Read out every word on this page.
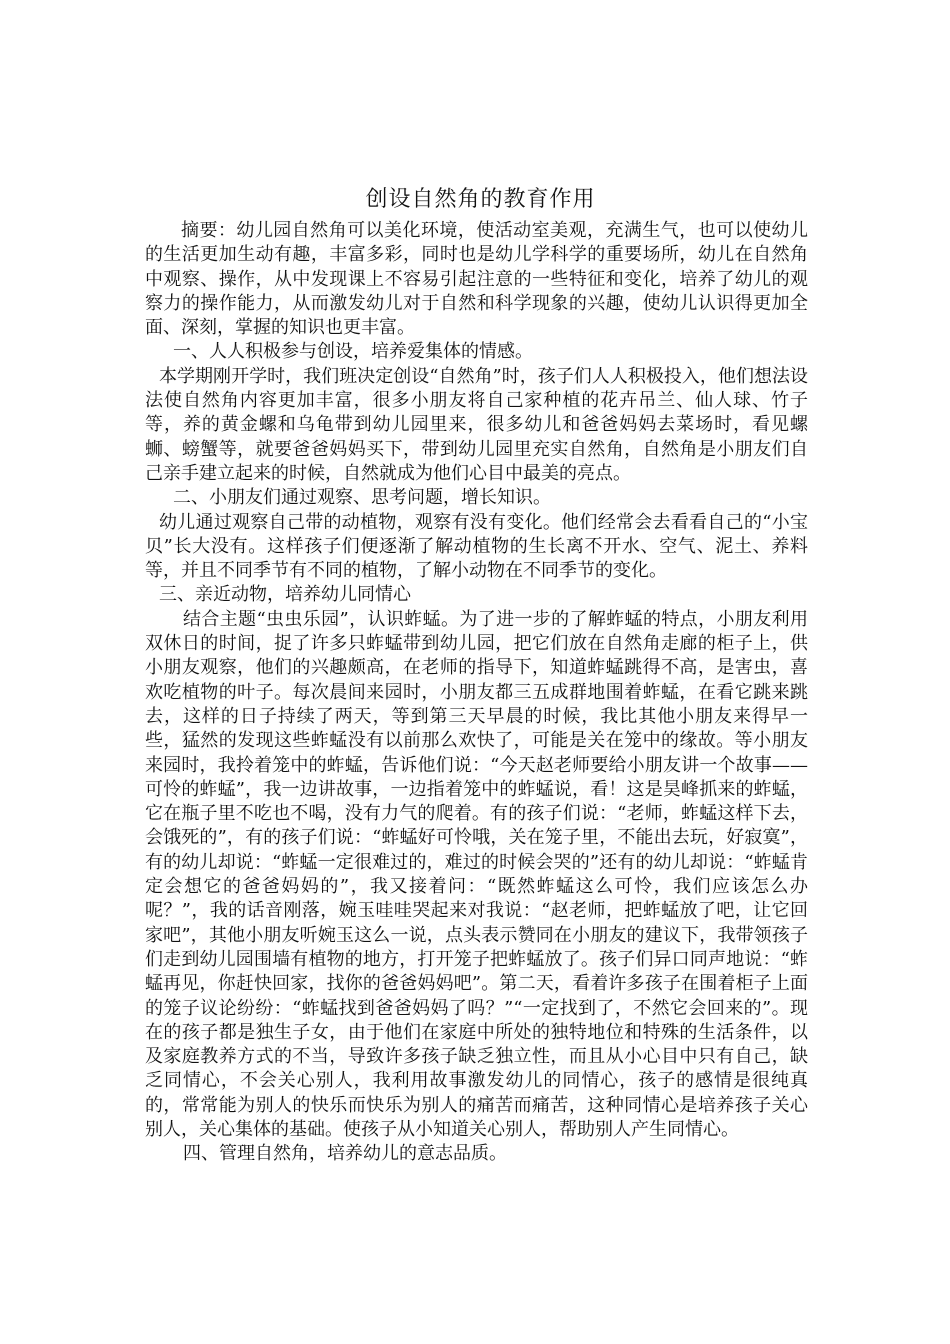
创设自然角的教育作用

摘要：幼儿园自然角可以美化环境，使活动室美观，充满生气，也可以使幼儿的生活更加生动有趣，丰富多彩，同时也是幼儿学科学的重要场所，幼儿在自然角中观察、操作，从中发现课上不容易引起注意的一些特征和变化，培养了幼儿的观察力的操作能力，从而激发幼儿对于自然和科学现象的兴趣，使幼儿认识得更加全面、深刻，掌握的知识也更丰富。

一、人人积极参与创设，培养爱集体的情感。

本学期刚开学时，我们班决定创设“自然角”时，孩子们人人积极投入，他们想法设法使自然角内容更加丰富，很多小朋友将自己家种植的花卉吊兰、仙人球、竹子等，养的黄金螺和乌龟带到幼儿园里来，很多幼儿和爸爸妈妈去菜场时，看见螺蛳、螃蟹等，就要爸爸妈妈买下，带到幼儿园里充实自然角，自然角是小朋友们自己亲手建立起来的时候，自然就成为他们心目中最美的亮点。

二、小朋友们通过观察、思考问题，增长知识。

幼儿通过观察自己带的动植物，观察有没有变化。他们经常会去看看自己的“小宝贝”长大没有。这样孩子们便逐渐了解动植物的生长离不开水、空气、泥土、养料等，并且不同季节有不同的植物，了解小动物在不同季节的变化。

三、亲近动物，培养幼儿同情心

结合主题“虫虫乐园”，认识蚱蜢。为了进一步的了解蚱蜢的特点，小朋友利用双休日的时间，捉了许多只蚱蜢带到幼儿园，把它们放在自然角走廊的柜子上，供小朋友观察，他们的兴趣颇高，在老师的指导下，知道蚱蜢跳得不高，是害虫，喜欢吃植物的叶子。每次晨间来园时，小朋友都三五成群地围着蚱蜢，在看它跳来跳去，这样的日子持续了两天，等到第三天早晨的时候，我比其他小朋友来得早一些，猛然的发现这些蚱蜢没有以前那么欢快了，可能是关在笼中的缘故。等小朋友来园时，我拎着笼中的蚱蜢，告诉他们说：“今天赵老师要给小朋友讲一个故事——可怜的蚱蜢”，我一边讲故事，一边指着笼中的蚱蜢说，看！这是昊峰抓来的蚱蜢，它在瓶子里不吃也不喝，没有力气的爬着。有的孩子们说：“老师，蚱蜢这样下去，会饿死的”，有的孩子们说：“蚱蜢好可怜哦，关在笼子里，不能出去玩，好寂寞”，有的幼儿却说：“蚱蜢一定很难过的，难过的时候会哭的”还有的幼儿却说：“蚱蜢肯定会想它的爸爸妈妈的”，我又接着问：“既然蚱蜢这么可怜，我们应该怎么办呢？”，我的话音刚落，婉玉哇哇哭起来对我说：“赵老师，把蚱蜢放了吧，让它回家吧”，其他小朋友听婉玉这么一说，点头表示赞同在小朋友的建议下，我带领孩子们走到幼儿园围墙有植物的地方，打开笼子把蚱蜢放了。孩子们异口同声地说：“蚱蜢再见，你赶快回家，找你的爸爸妈妈吧”。第二天，看着许多孩子在围着柜子上面的笼子议论纷纷：“蚱蜢找到爸爸妈妈了吗？”“一定找到了，不然它会回来的”。现在的孩子都是独生子女，由于他们在家庭中所处的独特地位和特殊的生活条件，以及家庭教养方式的不当，导致许多孩子缺乏独立性，而且从小心目中只有自己，缺乏同情心，不会关心别人，我利用故事激发幼儿的同情心，孩子的感情是很纯真的，常常能为别人的快乐而快乐为别人的痛苦而痛苦，这种同情心是培养孩子关心别人，关心集体的基础。使孩子从小知道关心别人，帮助别人产生同情心。

四、管理自然角，培养幼儿的意志品质。
